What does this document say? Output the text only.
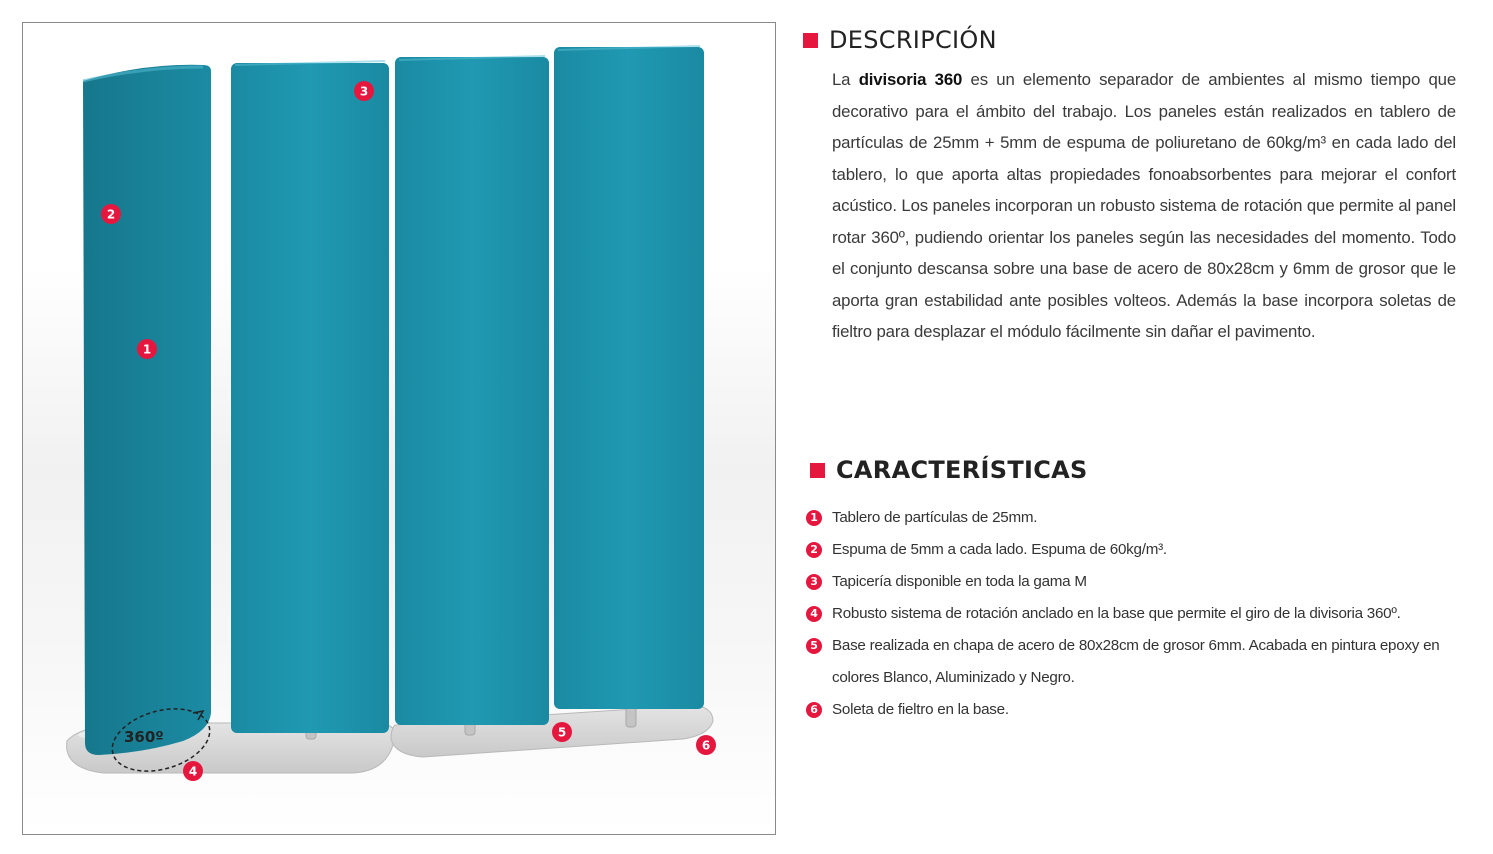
360º
3
2
1
4
5
6
DESCRIPCIÓN
La divisoria 360 es un elemento separador de ambientes al mismo tiempo que decorativo para el ámbito del trabajo. Los paneles están realizados en tablero de partículas de 25mm + 5mm de espuma de poliuretano de 60kg/m³ en cada lado del tablero, lo que aporta altas propiedades fonoabsorbentes para mejorar el confort acústico. Los paneles incorporan un robusto sistema de rotación que permite al panel rotar 360º, pudiendo orientar los paneles según las necesidades del momento. Todo el conjunto descansa sobre una base de acero de 80x28cm y 6mm de grosor que le aporta gran estabilidad ante posibles volteos. Además la base incorpora soletas de fieltro para desplazar el módulo fácilmente sin dañar el pavimento.
CARACTERÍSTICAS
1 Tablero de partículas de 25mm.
2 Espuma de 5mm a cada lado. Espuma de 60kg/m³.
3 Tapicería disponible en toda la gama M
4 Robusto sistema de rotación anclado en la base que permite el giro de la divisoria 360º.
5 Base realizada en chapa de acero de 80x28cm de grosor 6mm. Acabada en pintura epoxy en colores Blanco, Aluminizado y Negro.
6 Soleta de fieltro en la base.
